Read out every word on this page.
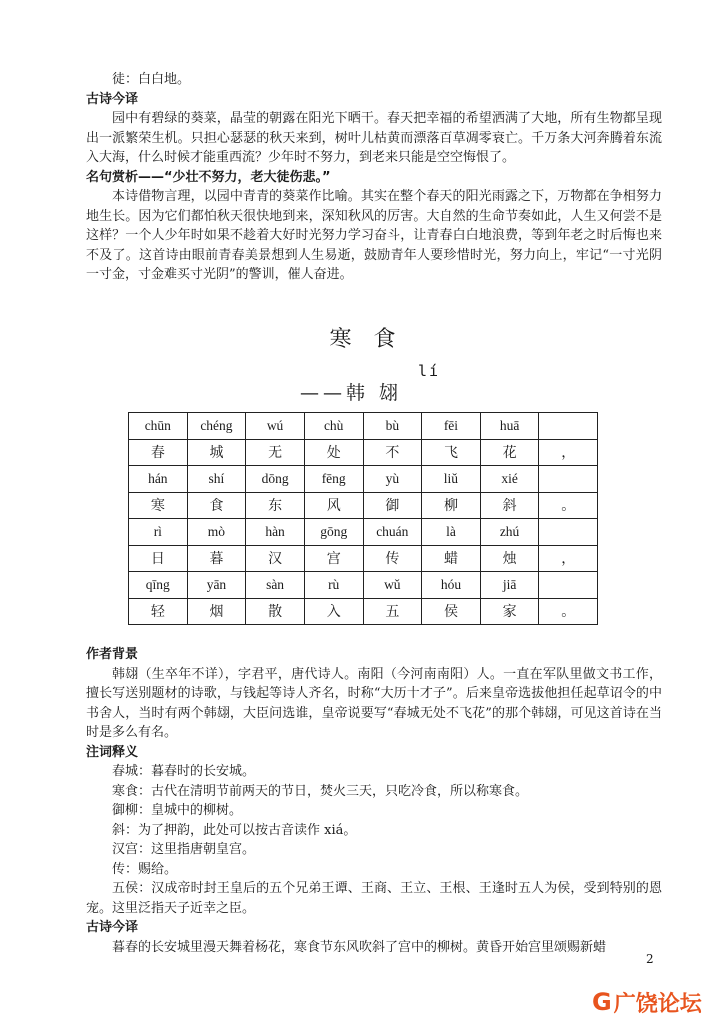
徒：白白地。

古诗今译

园中有碧绿的葵菜，晶莹的朝露在阳光下晒干。春天把幸福的希望洒满了大地，所有生物都呈现出一派繁荣生机。只担心瑟瑟的秋天来到，树叶儿枯黄而漂落百草凋零衰亡。千万条大河奔腾着东流入大海，什么时候才能重西流？少年时不努力，到老来只能是空空悔恨了。

名句赏析——“少壮不努力，老大徒伤悲。”

本诗借物言理，以园中青青的葵菜作比喻。其实在整个春天的阳光雨露之下，万物都在争相努力地生长。因为它们都怕秋天很快地到来，深知秋风的厉害。大自然的生命节奏如此，人生又何尝不是这样？一个人少年时如果不趁着大好时光努力学习奋斗，让青春白白地浪费，等到年老之时后悔也来不及了。这首诗由眼前青春美景想到人生易逝，鼓励青年人要珍惜时光，努力向上，牢记“一寸光阴一寸金，寸金难买寸光阴”的警训，催人奋进。

寒食
lí
——韩 翃
chūn	chéng	wú	chù	bù	fēi	huā	
春	城	无	处	不	飞	花	，
hán	shí	dōng	fēng	yù	liǔ	xié	
寒	食	东	风	御	柳	斜	。
rì	mò	hàn	gōng	chuán	là	zhú	
日	暮	汉	宫	传	蜡	烛	，
qīng	yān	sàn	rù	wǔ	hóu	jiā	
轻	烟	散	入	五	侯	家	。

作者背景

韩翃（生卒年不详），字君平，唐代诗人。南阳（今河南南阳）人。一直在军队里做文书工作，擅长写送别题材的诗歌，与钱起等诗人齐名，时称“大历十才子”。后来皇帝选拔他担任起草诏令的中书舍人，当时有两个韩翃，大臣问选谁，皇帝说要写“春城无处不飞花”的那个韩翃，可见这首诗在当时是多么有名。

注词释义

春城：暮春时的长安城。

寒食：古代在清明节前两天的节日，焚火三天，只吃冷食，所以称寒食。

御柳：皇城中的柳树。

斜：为了押韵，此处可以按古音读作 xiá。

汉宫：这里指唐朝皇宫。

传：赐给。

五侯：汉成帝时封王皇后的五个兄弟王谭、王商、王立、王根、王逢时五人为侯，受到特别的恩宠。这里泛指天子近幸之臣。

古诗今译

暮春的长安城里漫天舞着杨花，寒食节东风吹斜了宫中的柳树。黄昏开始宫里颂赐新蜡

2
G 广饶论坛
